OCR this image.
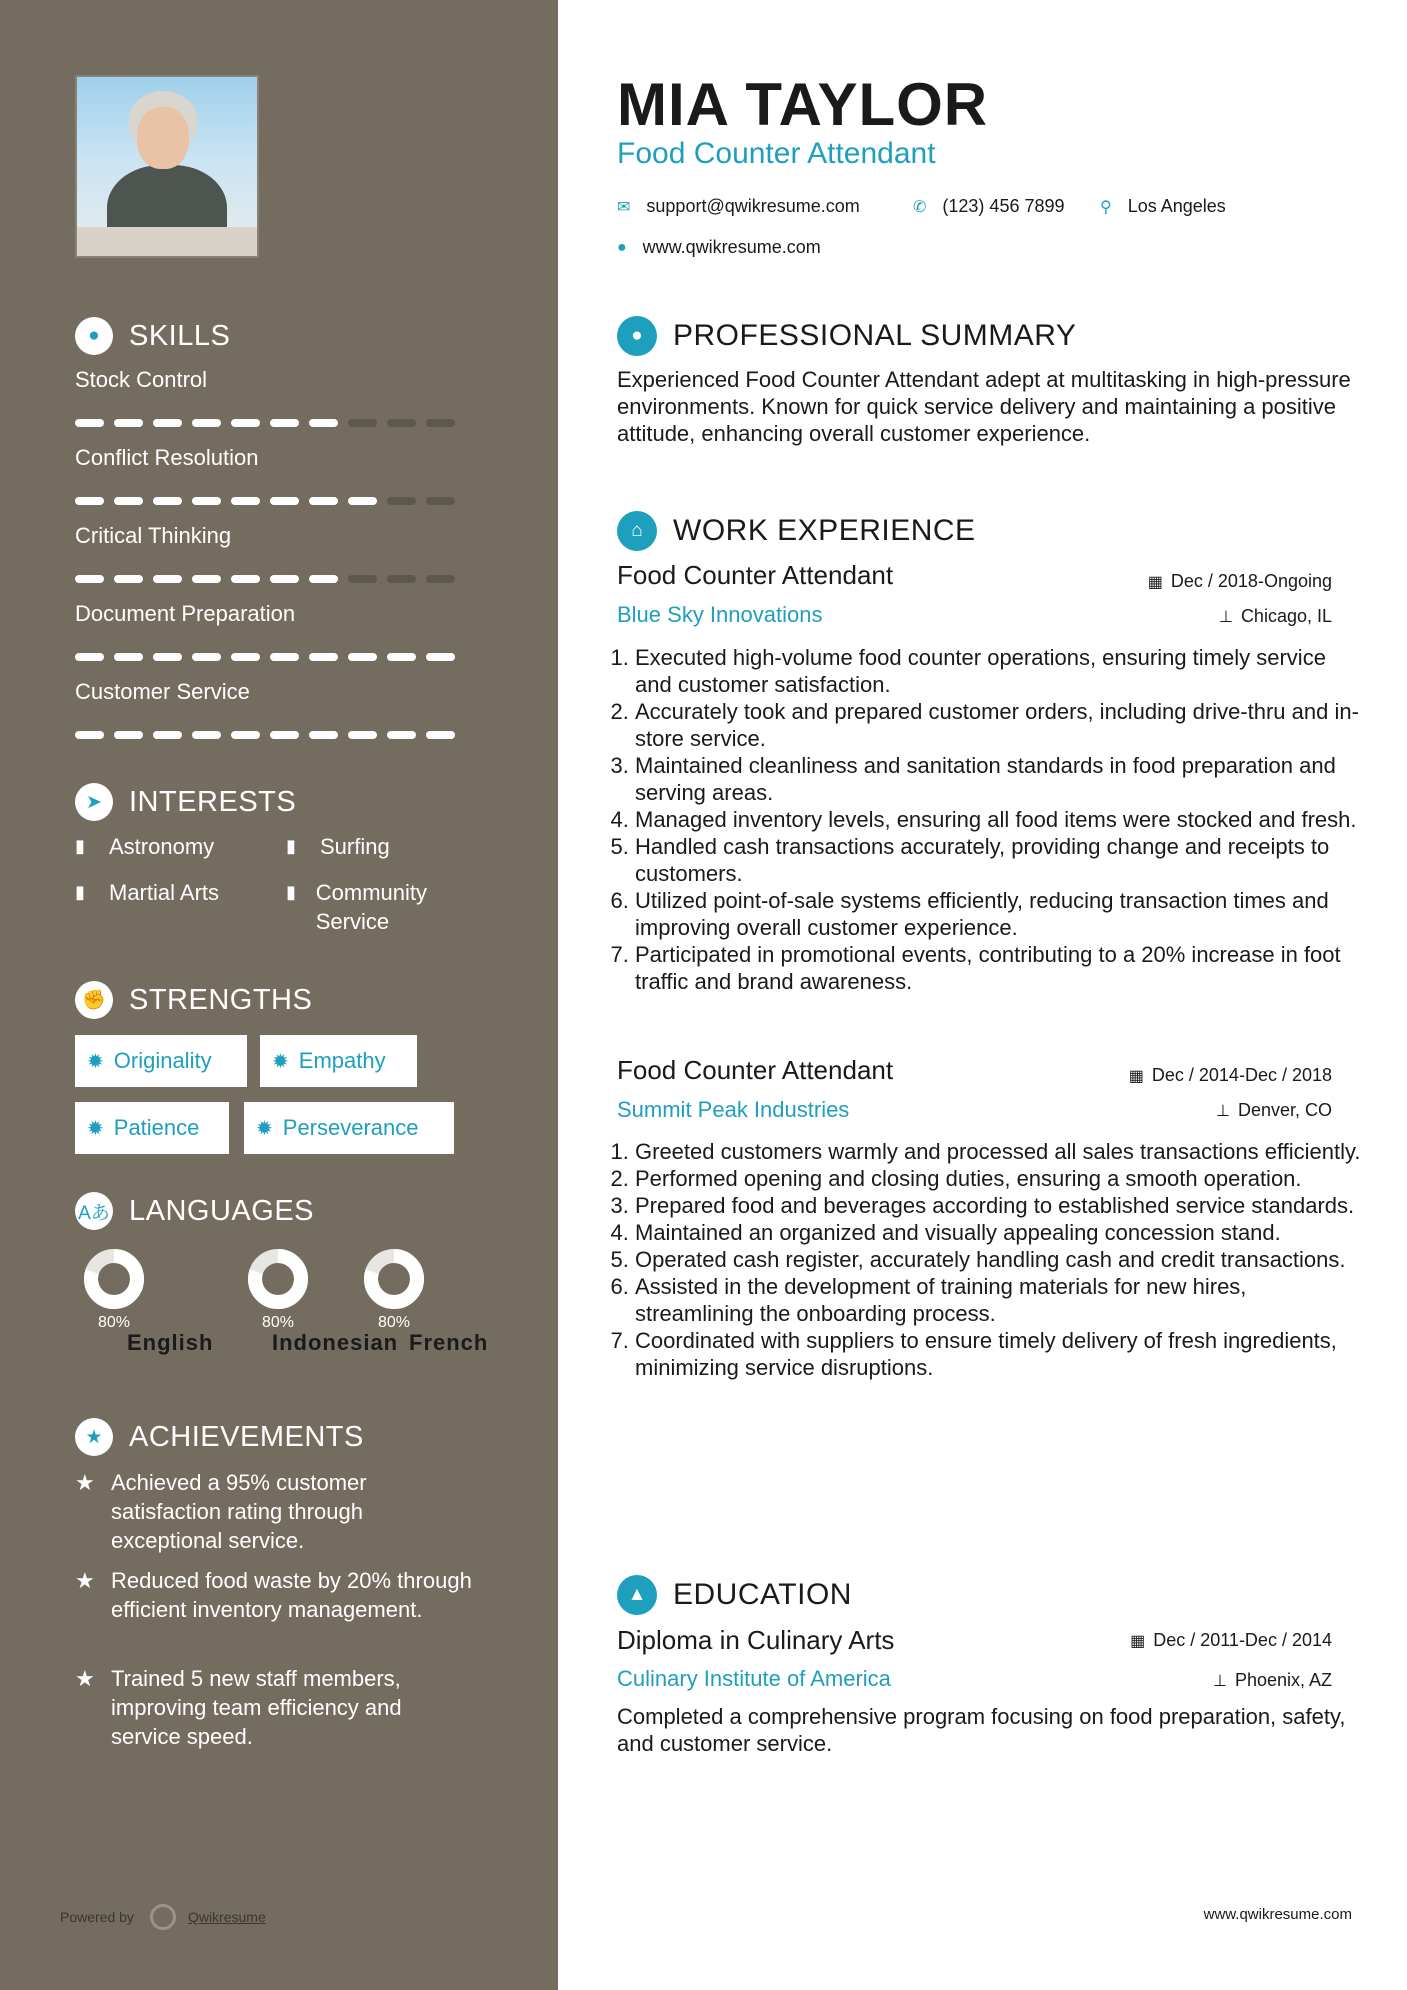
●	SKILLS
Stock Control
Conflict Resolution
Critical Thinking
Document Preparation
Customer Service
➤ INTERESTS
▮	Astronomy	▮	Surfing
▮	Martial Arts	▮ Community Service
✊ STRENGTHS
✹ Originality	✹ Empathy
✹ Patience	✹ Perseverance
Aあ LANGUAGES
English
80%
Indonesian
80%
French
80%
★ ACHIEVEMENTS
★ Achieved a 95% customer satisfaction rating through exceptional service.
★ Reduced food waste by 20% through efficient inventory management.
★ Trained 5 new staff members, improving team efficiency and service speed.
Powered by	Qwikresume
MIA TAYLOR
Food Counter Attendant
✉ support@qwikresume.com	✆ (123) 456 7899 ⚲ Los Angeles
● www.qwikresume.com
●	PROFESSIONAL SUMMARY
Experienced Food Counter Attendant adept at multitasking in high-pressure environments. Known for quick service delivery and maintaining a positive attitude, enhancing overall customer experience.
⌂	WORK EXPERIENCE
Food Counter Attendant	▦ Dec / 2018-Ongoing
Blue Sky Innovations	⊥ Chicago, IL
1. Executed high-volume food counter operations, ensuring timely service and customer satisfaction.
2. Accurately took and prepared customer orders, including drive-thru and in-store service.
3. Maintained cleanliness and sanitation standards in food preparation and serving areas.
4. Managed inventory levels, ensuring all food items were stocked and fresh.
5. Handled cash transactions accurately, providing change and receipts to customers.
6. Utilized point-of-sale systems efficiently, reducing transaction times and improving overall customer experience.
7. Participated in promotional events, contributing to a 20% increase in foot traffic and brand awareness.
Food Counter Attendant	▦ Dec / 2014-Dec / 2018
Summit Peak Industries	⊥ Denver, CO
1. Greeted customers warmly and processed all sales transactions efficiently.
2. Performed opening and closing duties, ensuring a smooth operation.
3. Prepared food and beverages according to established service standards.
4. Maintained an organized and visually appealing concession stand.
5. Operated cash register, accurately handling cash and credit transactions.
6. Assisted in the development of training materials for new hires, streamlining the onboarding process.
7. Coordinated with suppliers to ensure timely delivery of fresh ingredients, minimizing service disruptions.
▲ EDUCATION
Diploma in Culinary Arts	▦ Dec / 2011-Dec / 2014
Culinary Institute of America	⊥ Phoenix, AZ
Completed a comprehensive program focusing on food preparation, safety, and customer service.
www.qwikresume.com
